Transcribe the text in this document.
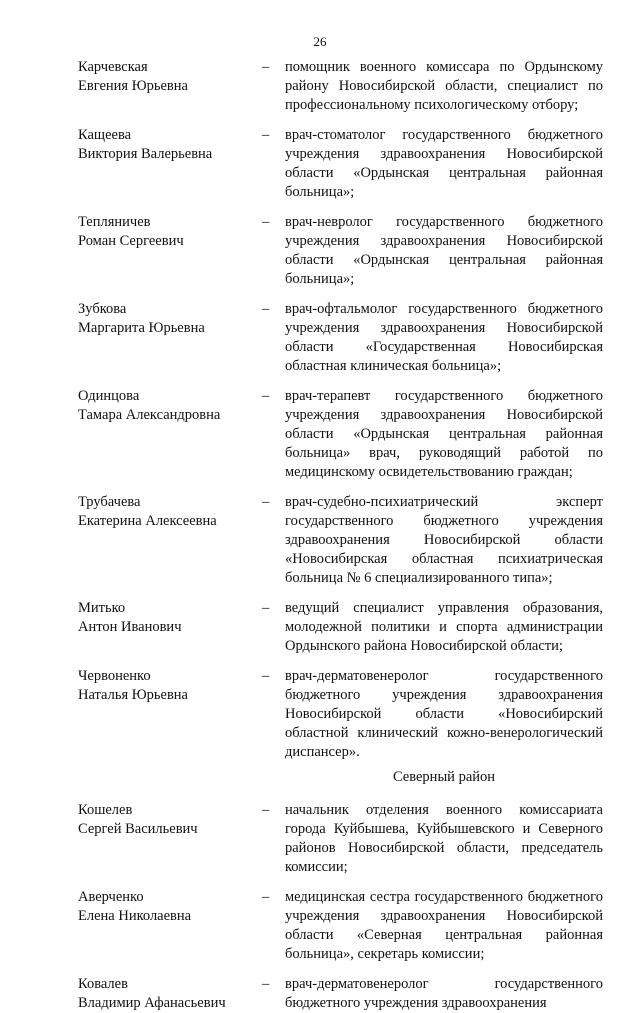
26
Карчевская
Евгения Юрьевна
– помощник военного комиссара по Ордынскому району Новосибирской области, специалист по профессиональному психологическому отбору;
Кащеева
Виктория Валерьевна
– врач-стоматолог государственного бюджетного учреждения здравоохранения Новосибирской области «Ордынская центральная районная больница»;
Тепляничев
Роман Сергеевич
– врач-невролог государственного бюджетного учреждения здравоохранения Новосибирской области «Ордынская центральная районная больница»;
Зубкова
Маргарита Юрьевна
– врач-офтальмолог государственного бюджетного учреждения здравоохранения Новосибирской области «Государственная Новосибирская областная клиническая больница»;
Одинцова
Тамара Александровна
– врач-терапевт государственного бюджетного учреждения здравоохранения Новосибирской области «Ордынская центральная районная больница» врач, руководящий работой по медицинскому освидетельствованию граждан;
Трубачева
Екатерина Алексеевна
– врач-судебно-психиатрический эксперт государственного бюджетного учреждения здравоохранения Новосибирской области «Новосибирская областная психиатрическая больница № 6 специализированного типа»;
Митько
Антон Иванович
– ведущий специалист управления образования, молодежной политики и спорта администрации Ордынского района Новосибирской области;
Червоненко
Наталья Юрьевна
– врач-дерматовенеролог государственного бюджетного учреждения здравоохранения Новосибирской области «Новосибирский областной клинический кожно-венерологический диспансер».
Северный район
Кошелев
Сергей Васильевич
– начальник отделения военного комиссариата города Куйбышева, Куйбышевского и Северного районов Новосибирской области, председатель комиссии;
Аверченко
Елена Николаевна
– медицинская сестра государственного бюджетного учреждения здравоохранения Новосибирской области «Северная центральная районная больница», секретарь комиссии;
Ковалев
Владимир Афанасьевич
– врач-дерматовенеролог государственного бюджетного учреждения здравоохранения
